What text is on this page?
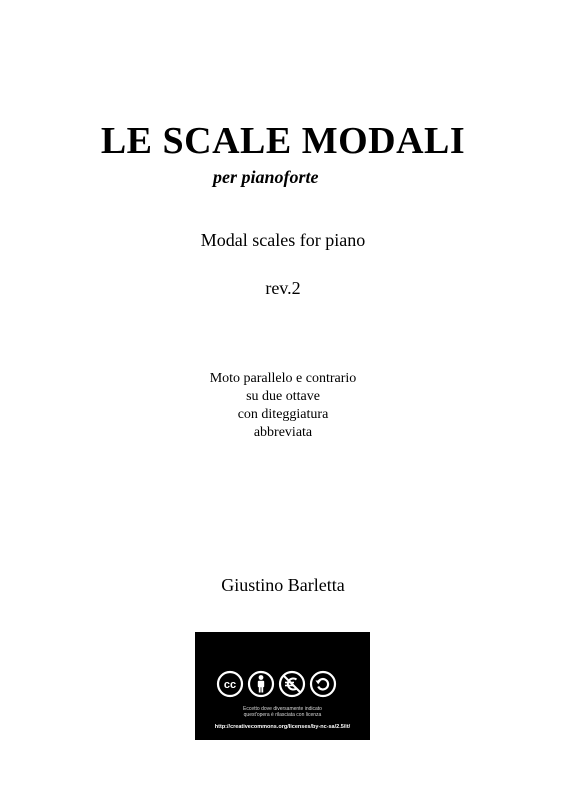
LE SCALE MODALI
per pianoforte
Modal scales for piano
rev.2
Moto parallelo e contrario
su due ottave
con diteggiatura
abbreviata
Giustino Barletta
cc
Eccetto dove diversamente indicato
quest'opera è rilasciata con licenza
http://creativecommons.org/licenses/by-nc-sa/2.5/it/
